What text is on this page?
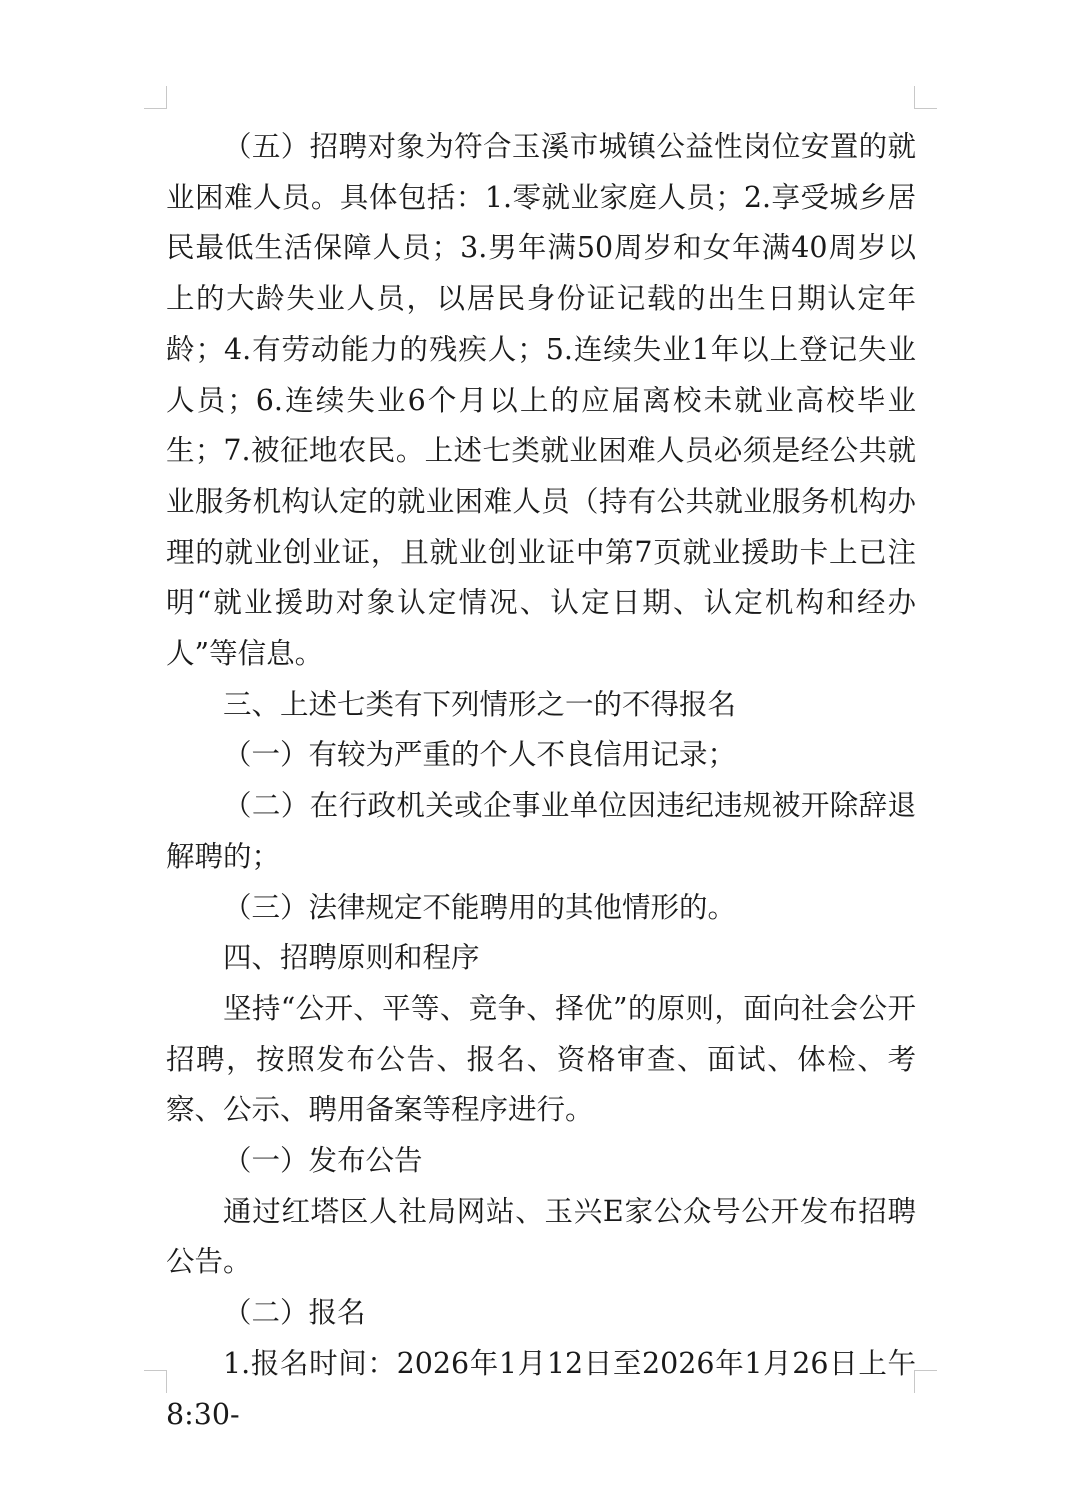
（五）招聘对象为符合玉溪市城镇公益性岗位安置的就业困难人员。具体包括：1.零就业家庭人员；2.享受城乡居民最低生活保障人员；3.男年满50周岁和女年满40周岁以上的大龄失业人员，以居民身份证记载的出生日期认定年龄；4.有劳动能力的残疾人；5.连续失业1年以上登记失业人员；6.连续失业6个月以上的应届离校未就业高校毕业生；7.被征地农民。上述七类就业困难人员必须是经公共就业服务机构认定的就业困难人员（持有公共就业服务机构办理的就业创业证，且就业创业证中第7页就业援助卡上已注明“就业援助对象认定情况、认定日期、认定机构和经办人”等信息。

三、上述七类有下列情形之一的不得报名

（一）有较为严重的个人不良信用记录；

（二）在行政机关或企事业单位因违纪违规被开除辞退解聘的；

（三）法律规定不能聘用的其他情形的。

四、招聘原则和程序

坚持“公开、平等、竞争、择优”的原则，面向社会公开招聘，按照发布公告、报名、资格审查、面试、体检、考察、公示、聘用备案等程序进行。

（一）发布公告

通过红塔区人社局网站、玉兴E家公众号公开发布招聘公告。

（二）报名

1.报名时间：2026年1月12日至2026年1月26日上午8:30-
